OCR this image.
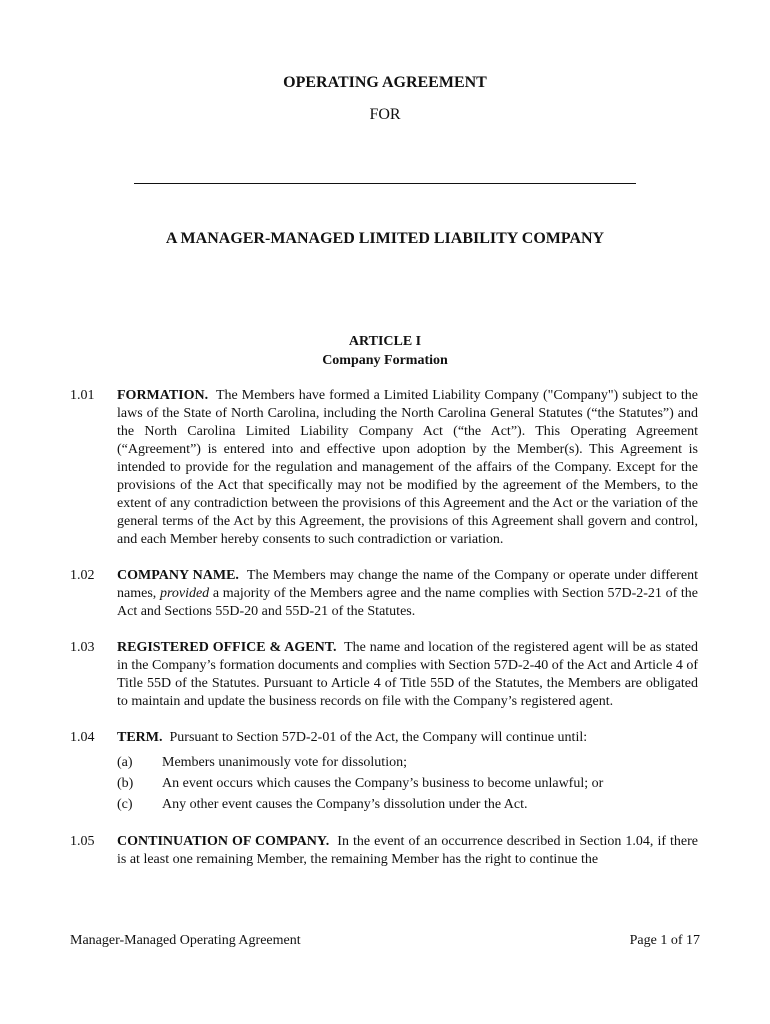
OPERATING AGREEMENT
FOR
A MANAGER-MANAGED LIMITED LIABILITY COMPANY
ARTICLE I
Company Formation
1.01 FORMATION. The Members have formed a Limited Liability Company ("Company") subject to the laws of the State of North Carolina, including the North Carolina General Statutes (“the Statutes”) and the North Carolina Limited Liability Company Act (“the Act”). This Operating Agreement (“Agreement”) is entered into and effective upon adoption by the Member(s). This Agreement is intended to provide for the regulation and management of the affairs of the Company. Except for the provisions of the Act that specifically may not be modified by the agreement of the Members, to the extent of any contradiction between the provisions of this Agreement and the Act or the variation of the general terms of the Act by this Agreement, the provisions of this Agreement shall govern and control, and each Member hereby consents to such contradiction or variation.
1.02 COMPANY NAME. The Members may change the name of the Company or operate under different names, provided a majority of the Members agree and the name complies with Section 57D-2-21 of the Act and Sections 55D-20 and 55D-21 of the Statutes.
1.03 REGISTERED OFFICE & AGENT. The name and location of the registered agent will be as stated in the Company’s formation documents and complies with Section 57D-2-40 of the Act and Article 4 of Title 55D of the Statutes. Pursuant to Article 4 of Title 55D of the Statutes, the Members are obligated to maintain and update the business records on file with the Company’s registered agent.
1.04 TERM. Pursuant to Section 57D-2-01 of the Act, the Company will continue until:
(a) Members unanimously vote for dissolution;
(b) An event occurs which causes the Company’s business to become unlawful; or
(c) Any other event causes the Company’s dissolution under the Act.
1.05 CONTINUATION OF COMPANY. In the event of an occurrence described in Section 1.04, if there is at least one remaining Member, the remaining Member has the right to continue the
Manager-Managed Operating Agreement	Page 1 of 17
